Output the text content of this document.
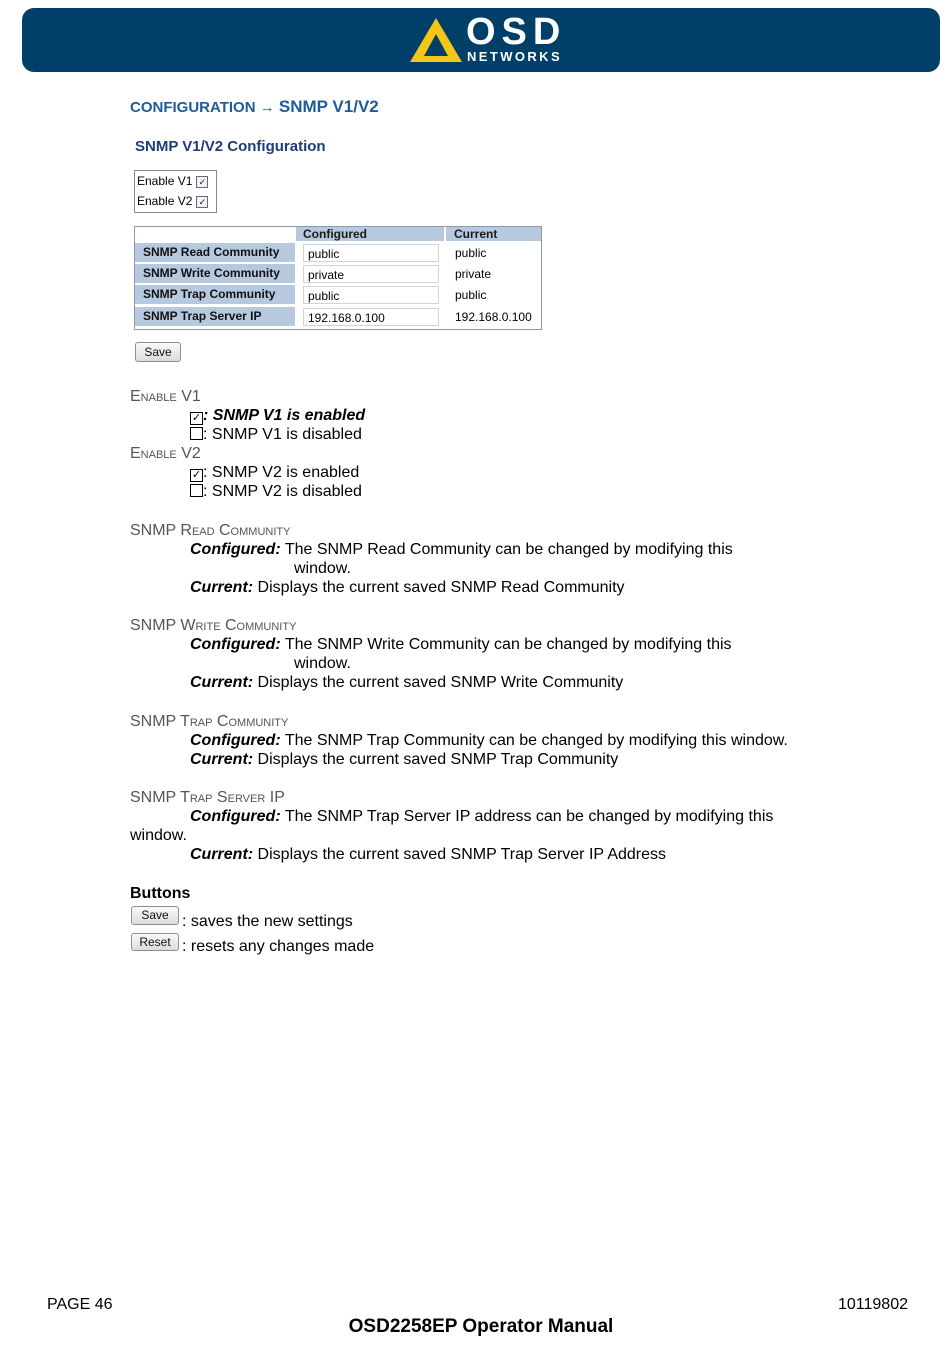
OSD
NETWORKS
CONFIGURATION → SNMP V1/V2
SNMP V1/V2 Configuration
Enable V1 ✓
Enable V2 ✓
Configured	Current
SNMP Read Community	public	public
SNMP Write Community	private	private
SNMP Trap Community	public	public
SNMP Trap Server IP	192.168.0.100	192.168.0.100
Save
Enable V1
✓ : SNMP V1 is enabled
: SNMP V1 is disabled
Enable V2
✓ : SNMP V2 is enabled
: SNMP V2 is disabled
SNMP Read Community
Configured: The SNMP Read Community can be changed by modifying this
window.
Current: Displays the current saved SNMP Read Community
SNMP Write Community
Configured: The SNMP Write Community can be changed by modifying this
window.
Current: Displays the current saved SNMP Write Community
SNMP Trap Community
Configured: The SNMP Trap Community can be changed by modifying this window.
Current: Displays the current saved SNMP Trap Community
SNMP Trap Server IP
Configured: The SNMP Trap Server IP address can be changed by modifying this
window.
Current: Displays the current saved SNMP Trap Server IP Address
Buttons
Save : saves the new settings
Reset : resets any changes made
PAGE 46	10119802
OSD2258EP Operator Manual
